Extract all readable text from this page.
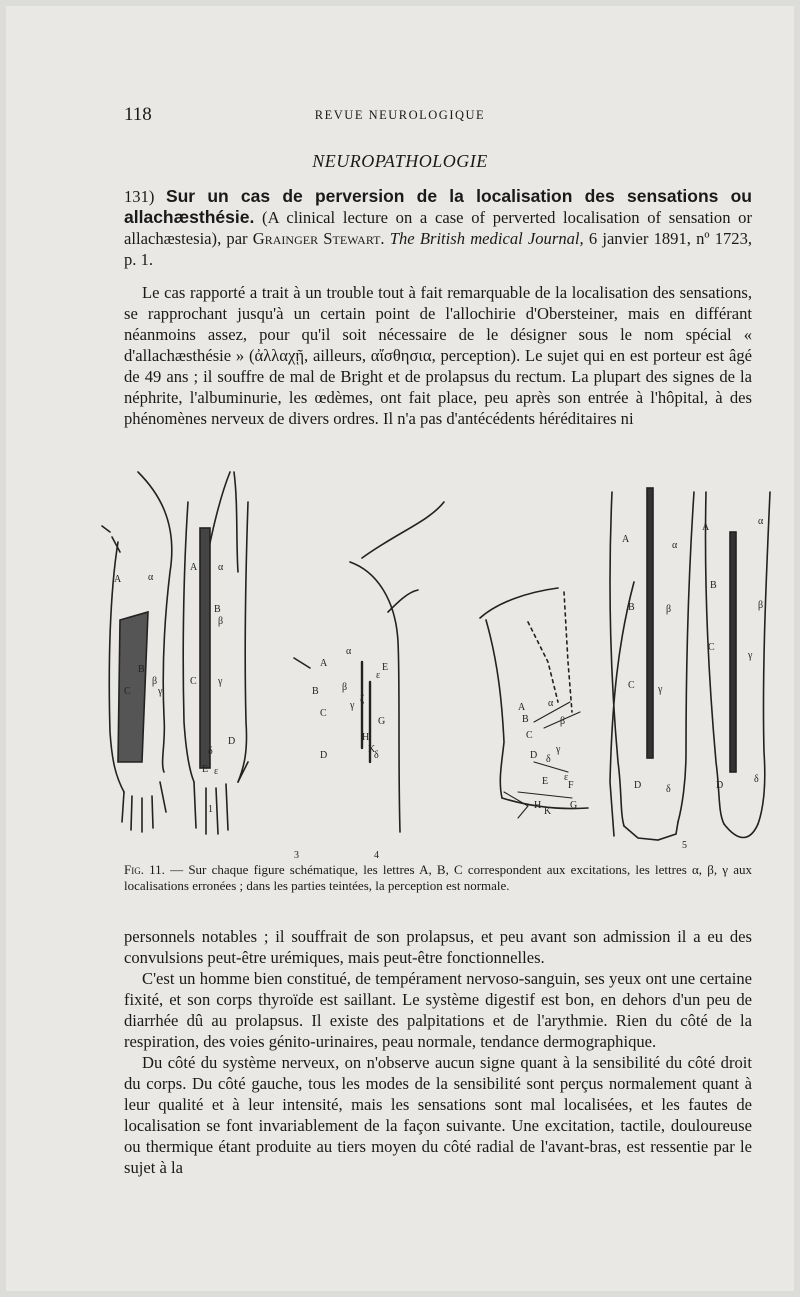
118	REVUE NEUROLOGIQUE
NEUROPATHOLOGIE

131) Sur un cas de perversion de la localisation des sensations ou allachæsthésie. (A clinical lecture on a case of perverted localisation of sensation or allachæstesia), par Grainger Stewart. The British medical Journal, 6 janvier 1891, nº 1723, p. 1.

Le cas rapporté a trait à un trouble tout à fait remarquable de la localisation des sensations, se rapprochant jusqu'à un certain point de l'allochirie d'Obersteiner, mais en différant néanmoins assez, pour qu'il soit nécessaire de le désigner sous le nom spécial « d'allachæsthésie » (ἀλλαχῇ, ailleurs, αἴσθησια, perception). Le sujet qui en est porteur est âgé de 49 ans ; il souffre de mal de Bright et de prolapsus du rectum. La plupart des signes de la néphrite, l'albuminurie, les œdèmes, ont fait place, peu après son entrée à l'hôpital, à des phénomènes nerveux de divers ordres. Il n'a pas d'antécédents héréditaires ni

A	α
B
β
C	γ
A α
B
β
C γ
D
δ
E ε
A
α
B β
C
γ
D	δ
E
ε
G
H
K
ζ
A α
B	β
C
γ
D δ
E ε
F
G
H
K
A
α
B	β
C γ
D δ
A
α
B
β
C
γ
D
δ
1
3	4
5
Fig. 11. — Sur chaque figure schématique, les lettres A, B, C correspondent aux excitations, les lettres α, β, γ aux localisations erronées ; dans les parties teintées, la perception est normale.

personnels notables ; il souffrait de son prolapsus, et peu avant son admission il a eu des convulsions peut-être urémiques, mais peut-être fonctionnelles.

C'est un homme bien constitué, de tempérament nervoso-sanguin, ses yeux ont une certaine fixité, et son corps thyroïde est saillant. Le système digestif est bon, en dehors d'un peu de diarrhée dû au prolapsus. Il existe des palpitations et de l'arythmie. Rien du côté de la respiration, des voies génito-urinaires, peau normale, tendance dermographique.

Du côté du système nerveux, on n'observe aucun signe quant à la sensibilité du côté droit du corps. Du côté gauche, tous les modes de la sensibilité sont perçus normalement quant à leur qualité et à leur intensité, mais les sensations sont mal localisées, et les fautes de localisation se font invariablement de la façon suivante. Une excitation, tactile, douloureuse ou thermique étant produite au tiers moyen du côté radial de l'avant-bras, est ressentie par le sujet à la
